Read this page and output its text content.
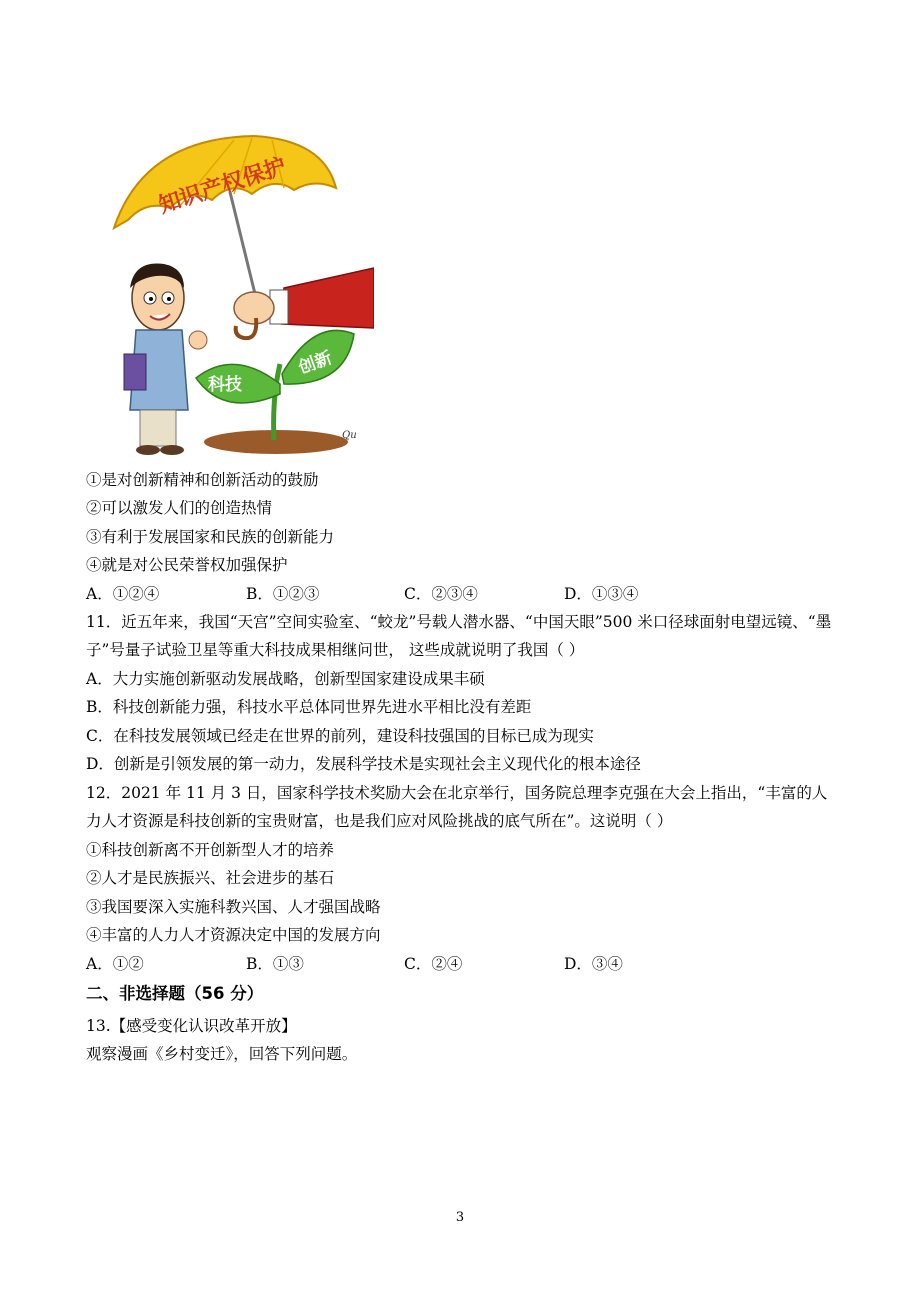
知识产权保护
科技
创新
Qu
①是对创新精神和创新活动的鼓励
②可以激发人们的创造热情
③有利于发展国家和民族的创新能力
④就是对公民荣誉权加强保护
A．①②④	B．①②③	C．②③④	D．①③④
11．近五年来，我国“天宫”空间实验室、“蛟龙”号载人潜水器、“中国天眼”500 米口径球面射电望远镜、“墨
子”号量子试验卫星等重大科技成果相继问世， 这些成就说明了我国（ ）
A．大力实施创新驱动发展战略，创新型国家建设成果丰硕
B．科技创新能力强，科技水平总体同世界先进水平相比没有差距
C．在科技发展领域已经走在世界的前列，建设科技强国的目标已成为现实
D．创新是引领发展的第一动力，发展科学技术是实现社会主义现代化的根本途径
12．2021 年 11 月 3 日，国家科学技术奖励大会在北京举行，国务院总理李克强在大会上指出，“丰富的人
力人才资源是科技创新的宝贵财富，也是我们应对风险挑战的底气所在”。这说明（ ）
①科技创新离不开创新型人才的培养
②人才是民族振兴、社会进步的基石
③我国要深入实施科教兴国、人才强国战略
④丰富的人力人才资源决定中国的发展方向
A．①②	B．①③	C．②④	D．③④
二、非选择题（56 分）
13.【感受变化认识改革开放】
观察漫画《乡村变迁》，回答下列问题。
3
